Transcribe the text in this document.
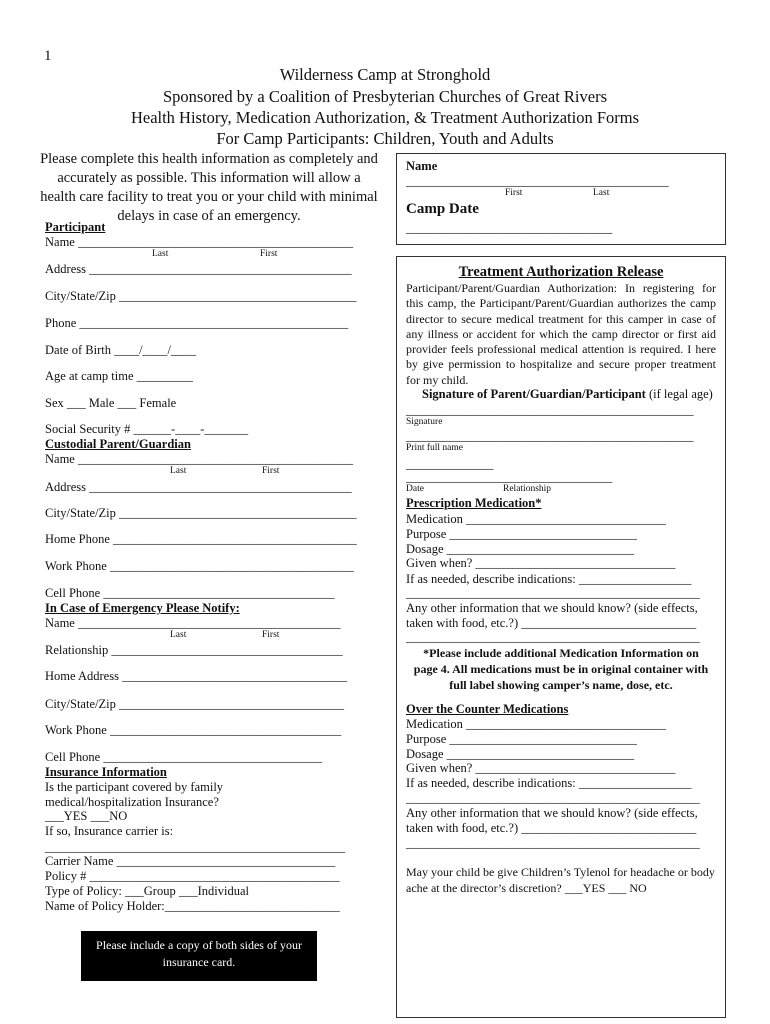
1
Wilderness Camp at Stronghold
Sponsored by a Coalition of Presbyterian Churches of Great Rivers
Health History, Medication Authorization, & Treatment Authorization Forms
For Camp Participants: Children, Youth and Adults
Please complete this health information as completely and accurately as possible. This information will allow a health care facility to treat you or your child with minimal delays in case of an emergency.
Participant
Name ____________________________________________
Last	First
Address __________________________________________
City/State/Zip ______________________________________
Phone ___________________________________________
Date of Birth ____/____/____
Age at camp time _________
Sex ___ Male ___ Female
Social Security # ______-____-_______
Custodial Parent/Guardian
Name ____________________________________________
Last	First
Address __________________________________________
City/State/Zip ______________________________________
Home Phone _______________________________________
Work Phone _______________________________________
Cell Phone _____________________________________
In Case of Emergency Please Notify:
Name __________________________________________
Last	First
Relationship _____________________________________
Home Address ____________________________________
City/State/Zip ____________________________________
Work Phone _____________________________________
Cell Phone ___________________________________
Insurance Information
Is the participant covered by family
medical/hospitalization Insurance?
___YES ___NO
If so, Insurance carrier is:
________________________________________________
Carrier Name ___________________________________
Policy # ________________________________________
Type of Policy: ___Group ___Individual
Name of Policy Holder:____________________________
Please include a copy of both sides of your insurance card.
Name
__________________________________________
First	Last
Camp Date
_________________________________
Treatment Authorization Release
Participant/Parent/Guardian Authorization: In registering for this camp, the Participant/Parent/Guardian authorizes the camp director to secure medical treatment for this camper in case of any illness or accident for which the camp director or first aid provider feels professional medical attention is required. I here by give permission to hospitalize and secure proper treatment for my child.
Signature of Parent/Guardian/Participant (if legal age)
______________________________________________
Signature
______________________________________________
Print full name
______________
_________________________________
Date	Relationship
Prescription Medication*
Medication ________________________________
Purpose ______________________________
Dosage ______________________________
Given when? ________________________________
If as needed, describe indications: __________________
_______________________________________________
Any other information that we should know? (side effects,
taken with food, etc.?) ____________________________
_______________________________________________
*Please include additional Medication Information on page 4. All medications must be in original container with full label showing camper’s name, dose, etc.
Over the Counter Medications
Medication ________________________________
Purpose ______________________________
Dosage ______________________________
Given when? ________________________________
If as needed, describe indications: __________________
_______________________________________________
Any other information that we should know? (side effects,
taken with food, etc.?) ____________________________
_______________________________________________
May your child be give Children’s Tylenol for headache or body ache at the director’s discretion? ___YES ___ NO
